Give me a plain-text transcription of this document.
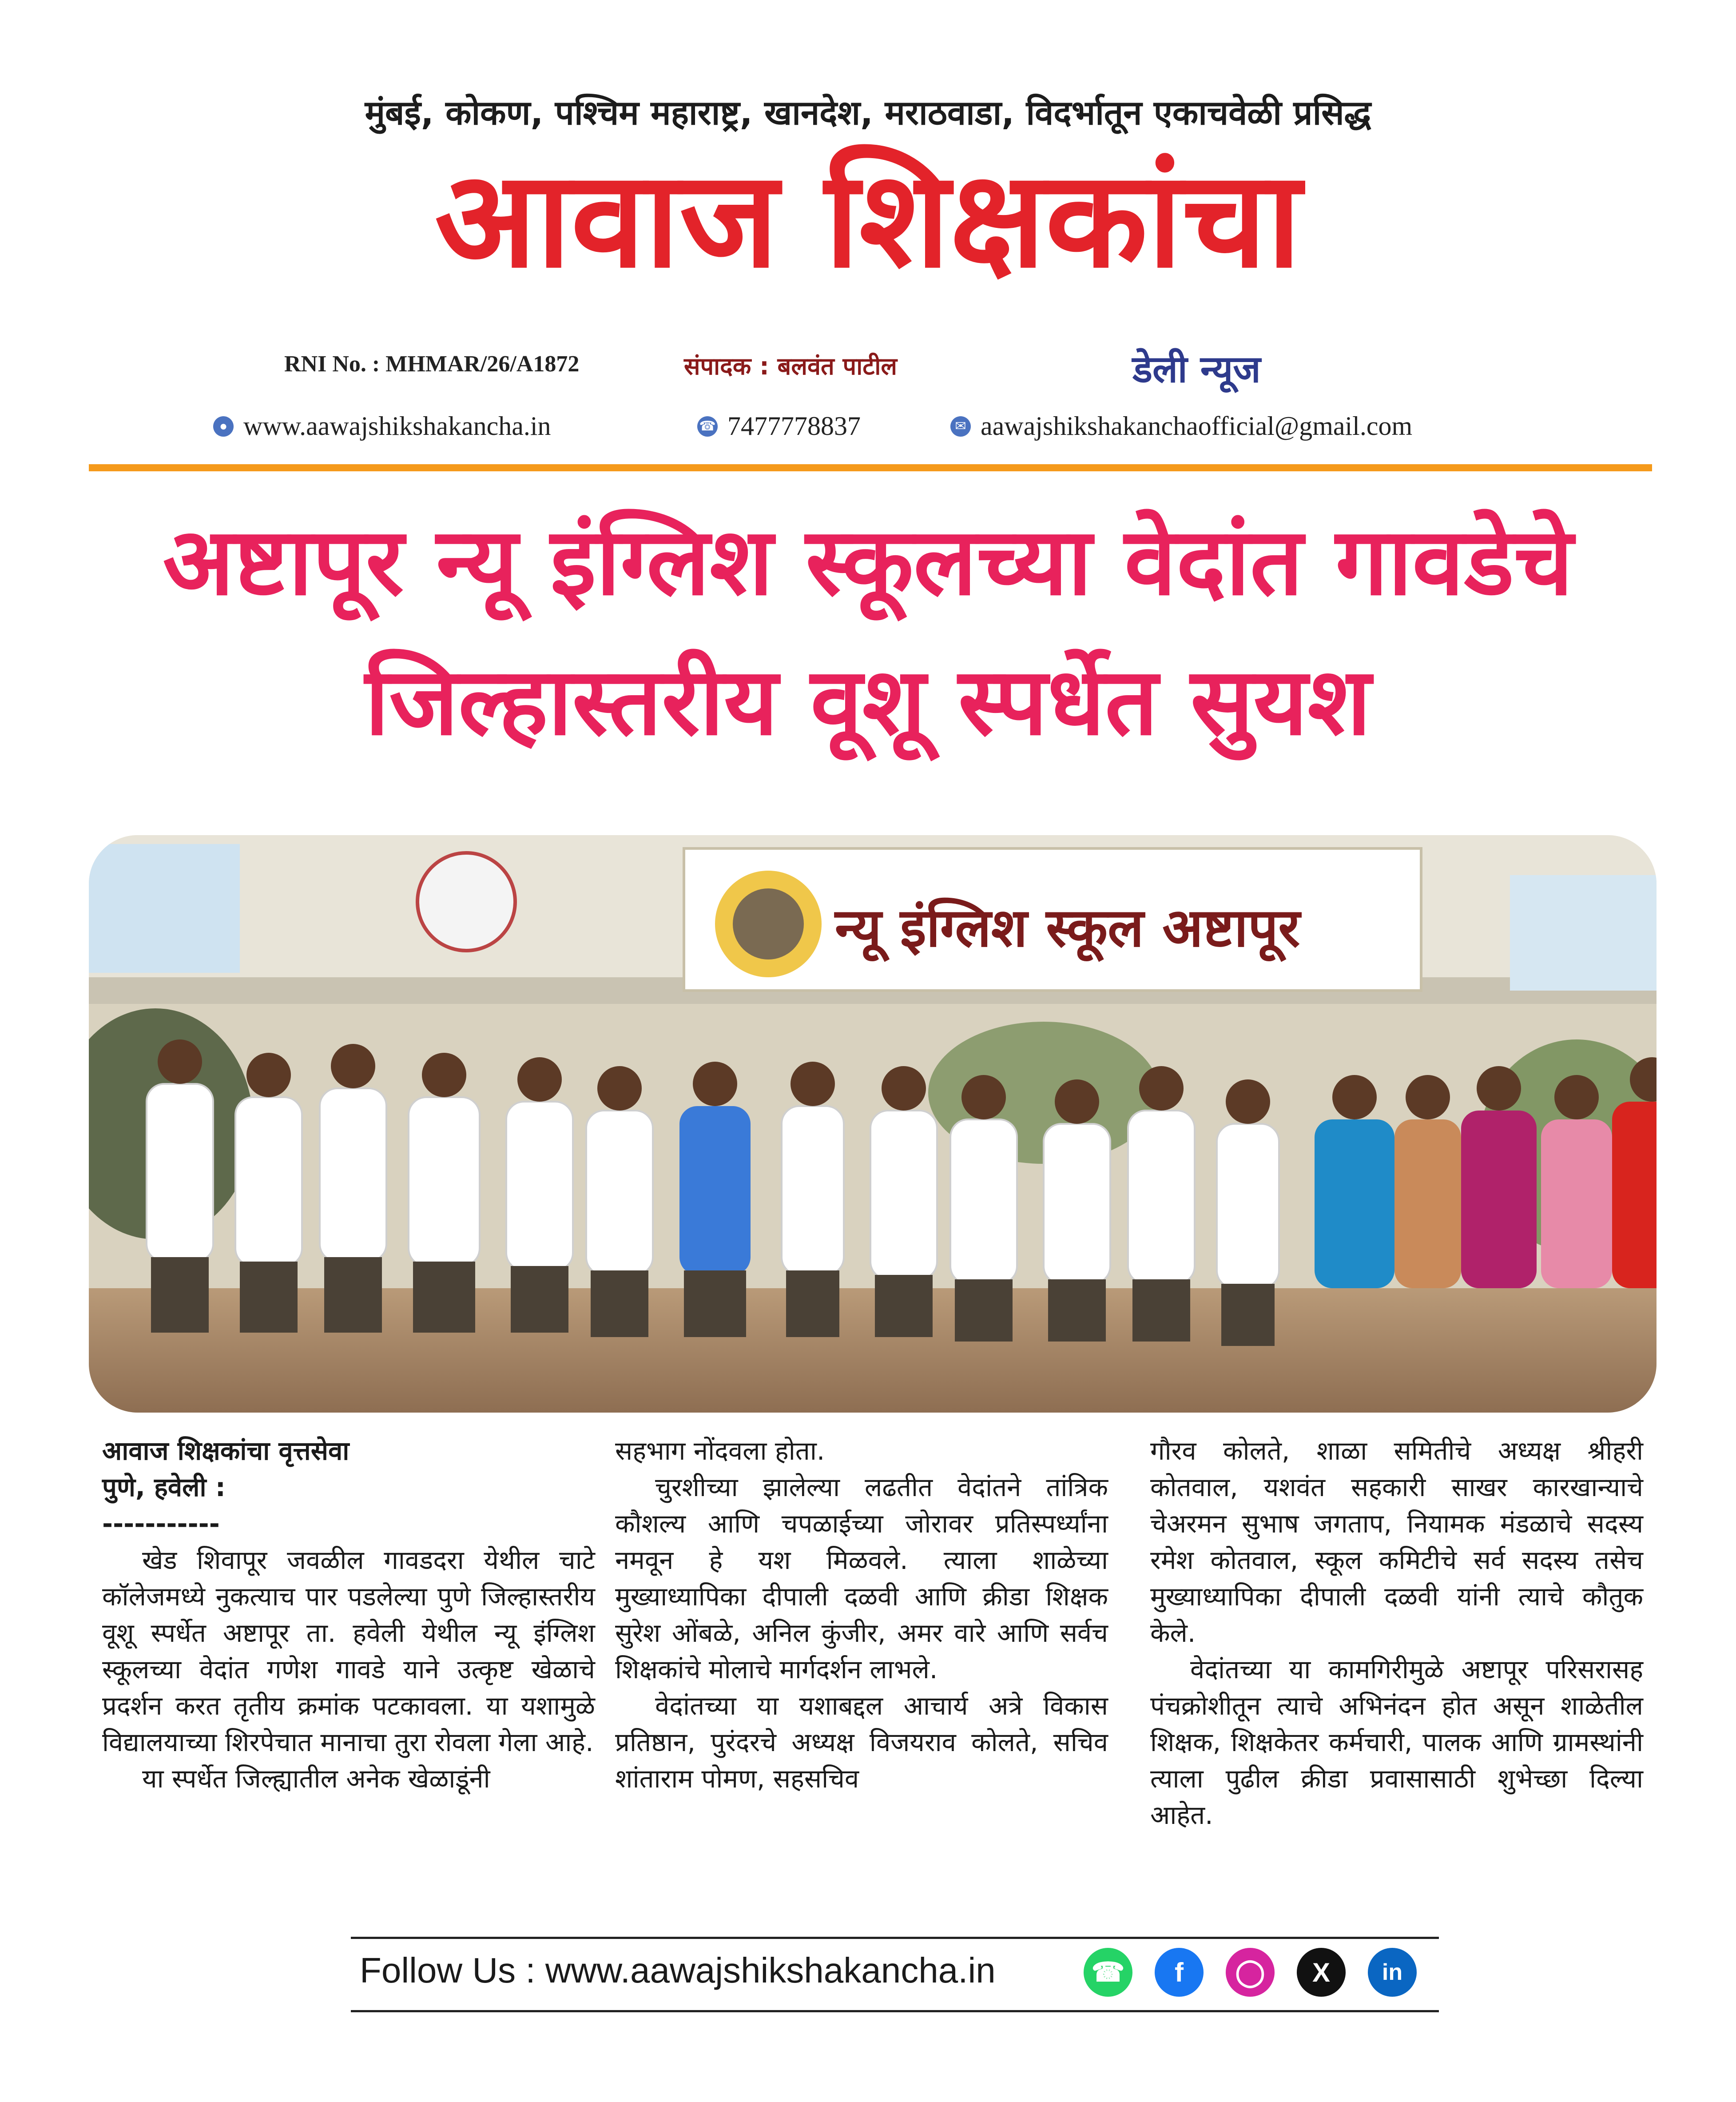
मुंबई, कोकण, पश्चिम महाराष्ट्र, खानदेश, मराठवाडा, विदर्भातून एकाचवेळी प्रसिद्ध
आवाज शिक्षकांचा
RNI No. : MHMAR/26/A1872	संपादक : बलवंत पाटील	डेली न्यूज
● www.aawajshikshakancha.in	☎ 7477778837	✉ aawajshikshakanchaofficial@gmail.com
अष्टापूर न्यू इंग्लिश स्कूलच्या वेदांत गावडेचे
जिल्हास्तरीय वूशू स्पर्धेत सुयश
न्यू इंग्लिश स्कूल अष्टापूर

आवाज शिक्षकांचा वृत्तसेवा

पुणे, हवेली :

-----------

खेड शिवापूर जवळील गावडदरा येथील चाटे कॉलेजमध्ये नुकत्याच पार पडलेल्या पुणे जिल्हास्तरीय वूशू स्पर्धेत अष्टापूर ता. हवेली येथील न्यू इंग्लिश स्कूलच्या वेदांत गणेश गावडे याने उत्कृष्ट खेळाचे प्रदर्शन करत तृतीय क्रमांक पटकावला. या यशामुळे विद्यालयाच्या शिरपेचात मानाचा तुरा रोवला गेला आहे.

या स्पर्धेत जिल्ह्यातील अनेक खेळाडूंनी

सहभाग नोंदवला होता.

चुरशीच्या झालेल्या लढतीत वेदांतने तांत्रिक कौशल्य आणि चपळाईच्या जोरावर प्रतिस्पर्ध्यांना नमवून हे यश मिळवले. त्याला शाळेच्या मुख्याध्यापिका दीपाली दळवी आणि क्रीडा शिक्षक सुरेश ओंबळे, अनिल कुंजीर, अमर वारे आणि सर्वच शिक्षकांचे मोलाचे मार्गदर्शन लाभले.

वेदांतच्या या यशाबद्दल आचार्य अत्रे विकास प्रतिष्ठान, पुरंदरचे अध्यक्ष विजयराव कोलते, सचिव शांताराम पोमण, सहसचिव

गौरव कोलते, शाळा समितीचे अध्यक्ष श्रीहरी कोतवाल, यशवंत सहकारी साखर कारखान्याचे चेअरमन सुभाष जगताप, नियामक मंडळाचे सदस्य रमेश कोतवाल, स्कूल कमिटीचे सर्व सदस्य तसेच मुख्याध्यापिका दीपाली दळवी यांनी त्याचे कौतुक केले.

वेदांतच्या या कामगिरीमुळे अष्टापूर परिसरासह पंचक्रोशीतून त्याचे अभिनंदन होत असून शाळेतील शिक्षक, शिक्षकेतर कर्मचारी, पालक आणि ग्रामस्थांनी त्याला पुढील क्रीडा प्रवासासाठी शुभेच्छा दिल्या आहेत.

Follow Us : www.aawajshikshakancha.in	☎	f	◯	X	in
